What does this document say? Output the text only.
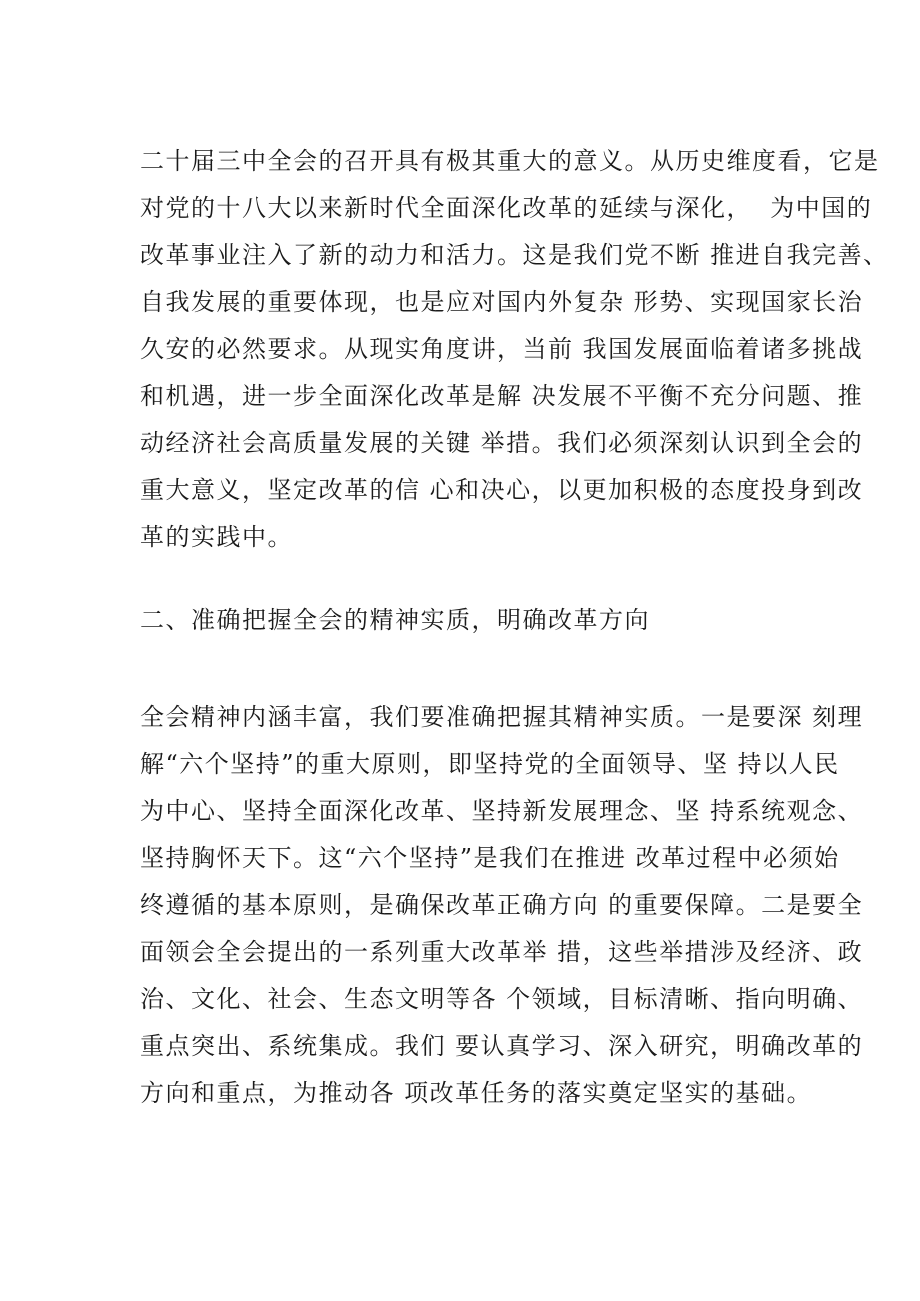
二十届三中全会的召开具有极其重大的意义。从历史维度看，它是
对党的十八大以来新时代全面深化改革的延续与深化，  为中国的
改革事业注入了新的动力和活力。这是我们党不断 推进自我完善、
自我发展的重要体现，也是应对国内外复杂 形势、实现国家长治
久安的必然要求。从现实角度讲，当前 我国发展面临着诸多挑战
和机遇，进一步全面深化改革是解 决发展不平衡不充分问题、推
动经济社会高质量发展的关键 举措。我们必须深刻认识到全会的
重大意义，坚定改革的信 心和决心，以更加积极的态度投身到改
革的实践中。
二、准确把握全会的精神实质，明确改革方向
全会精神内涵丰富，我们要准确把握其精神实质。一是要深 刻理
解“六个坚持”的重大原则，即坚持党的全面领导、坚 持以人民
为中心、坚持全面深化改革、坚持新发展理念、坚 持系统观念、
坚持胸怀天下。这“六个坚持”是我们在推进 改革过程中必须始
终遵循的基本原则，是确保改革正确方向 的重要保障。二是要全
面领会全会提出的一系列重大改革举 措，这些举措涉及经济、政
治、文化、社会、生态文明等各 个领域，目标清晰、指向明确、
重点突出、系统集成。我们 要认真学习、深入研究，明确改革的
方向和重点，为推动各 项改革任务的落实奠定坚实的基础。
